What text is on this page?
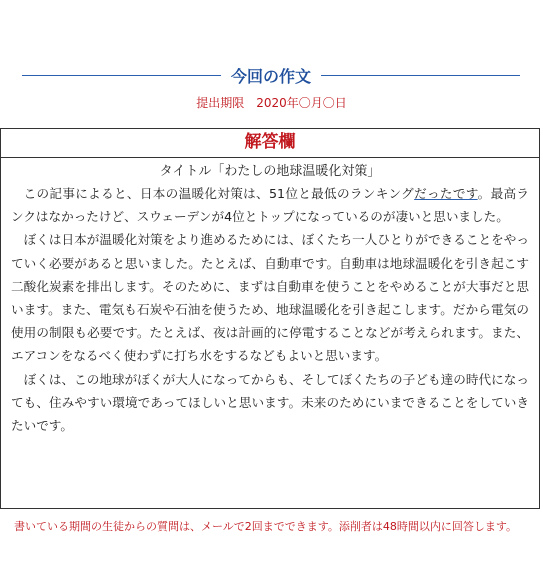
今回の作文
提出期限　2020年〇月〇日
解答欄
タイトル「わたしの地球温暖化対策」

この記事によると、日本の温暖化対策は、51位と最低のランキングだったです。最高ランクはなかったけど、スウェーデンが4位とトップになっているのが凄いと思いました。

ぼくは日本が温暖化対策をより進めるためには、ぼくたち一人ひとりができることをやっていく必要があると思いました。たとえば、自動車です。自動車は地球温暖化を引き起こす二酸化炭素を排出します。そのために、まずは自動車を使うことをやめることが大事だと思います。また、電気も石炭や石油を使うため、地球温暖化を引き起こします。だから電気の使用の制限も必要です。たとえば、夜は計画的に停電することなどが考えられます。また、エアコンをなるべく使わずに打ち水をするなどもよいと思います。

ぼくは、この地球がぼくが大人になってからも、そしてぼくたちの子ども達の時代になっても、住みやすい環境であってほしいと思います。未来のためにいまできることをしていきたいです。

書いている期間の生徒からの質問は、メールで2回までできます。添削者は48時間以内に回答します。
